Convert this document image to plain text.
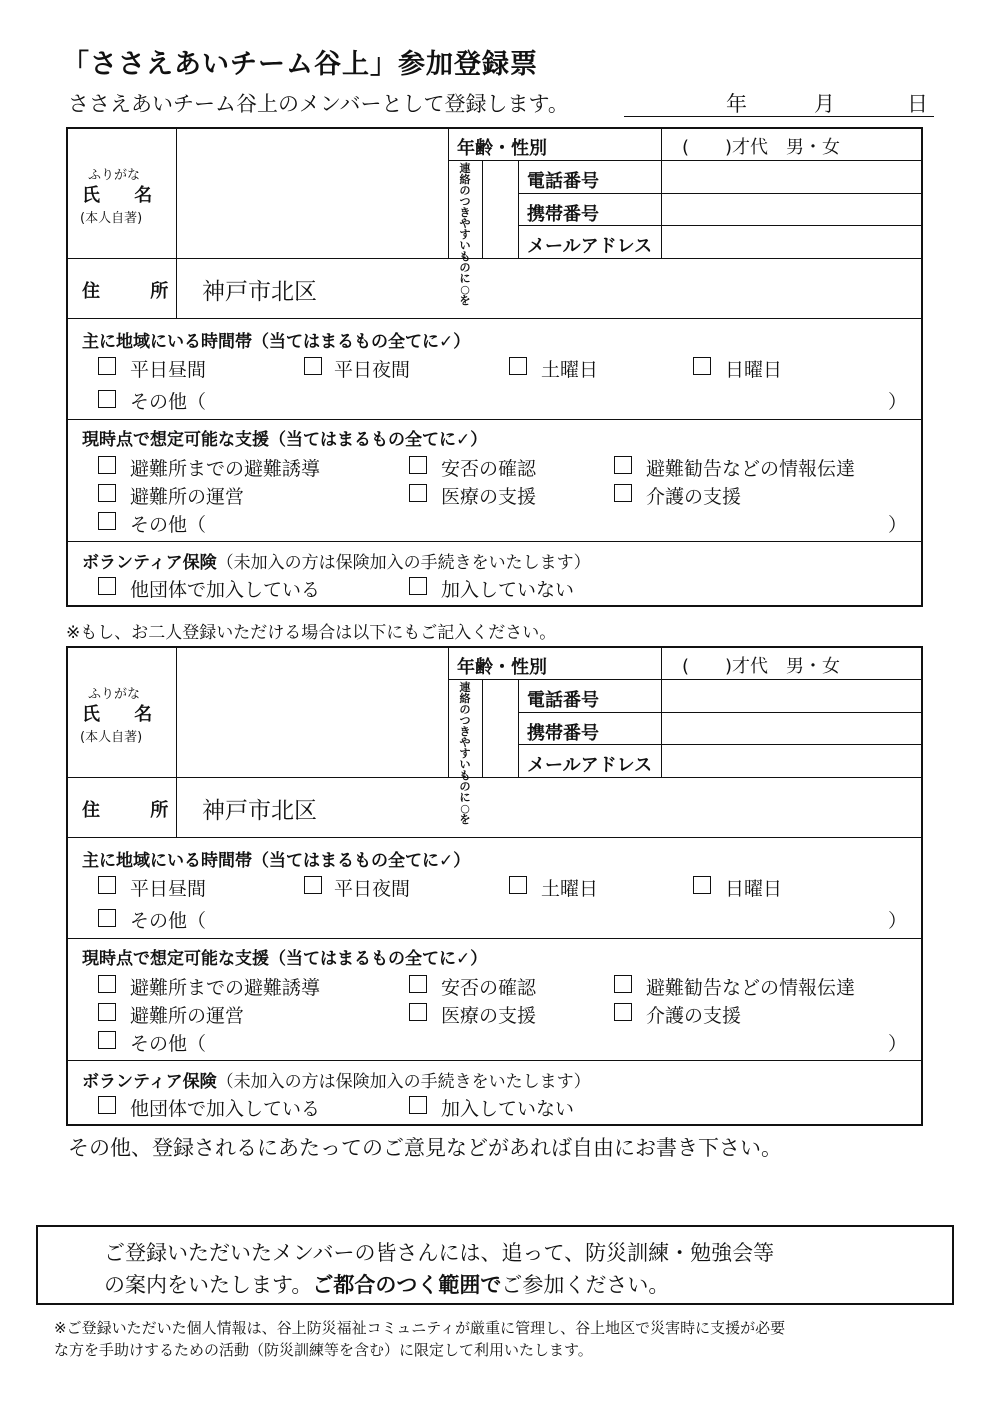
「ささえあいチーム谷上」参加登録票
ささえあいチーム谷上のメンバーとして登録します。	年	月	日
ふりがな
氏 名
(本人自著)
年齢・性別	(　　)才代　男・女
連絡のつきやすいものに○を
電話番号
携帯番号
メールアドレス
住 所 神戸市北区
主に地域にいる時間帯（当てはまるもの全てに✓）
平日昼間	平日夜間	土曜日	日曜日
その他（	）
現時点で想定可能な支援（当てはまるもの全てに✓）
避難所までの避難誘導	安否の確認	避難勧告などの情報伝達
避難所の運営	医療の支援	介護の支援
その他（	）
ボランティア保険（未加入の方は保険加入の手続きをいたします）
他団体で加入している	加入していない
※もし、お二人登録いただける場合は以下にもご記入ください。
ふりがな
氏 名
(本人自著)
年齢・性別	(　　)才代　男・女
連絡のつきやすいものに○を
電話番号
携帯番号
メールアドレス
住 所 神戸市北区
主に地域にいる時間帯（当てはまるもの全てに✓）
平日昼間	平日夜間	土曜日	日曜日
その他（	）
現時点で想定可能な支援（当てはまるもの全てに✓）
避難所までの避難誘導	安否の確認	避難勧告などの情報伝達
避難所の運営	医療の支援	介護の支援
その他（	）
ボランティア保険（未加入の方は保険加入の手続きをいたします）
他団体で加入している	加入していない
その他、登録されるにあたってのご意見などがあれば自由にお書き下さい。
ご登録いただいたメンバーの皆さんには、追って、防災訓練・勉強会等
の案内をいたします。ご都合のつく範囲でご参加ください。
※ご登録いただいた個人情報は、谷上防災福祉コミュニティが厳重に管理し、谷上地区で災害時に支援が必要
な方を手助けするための活動（防災訓練等を含む）に限定して利用いたします。
